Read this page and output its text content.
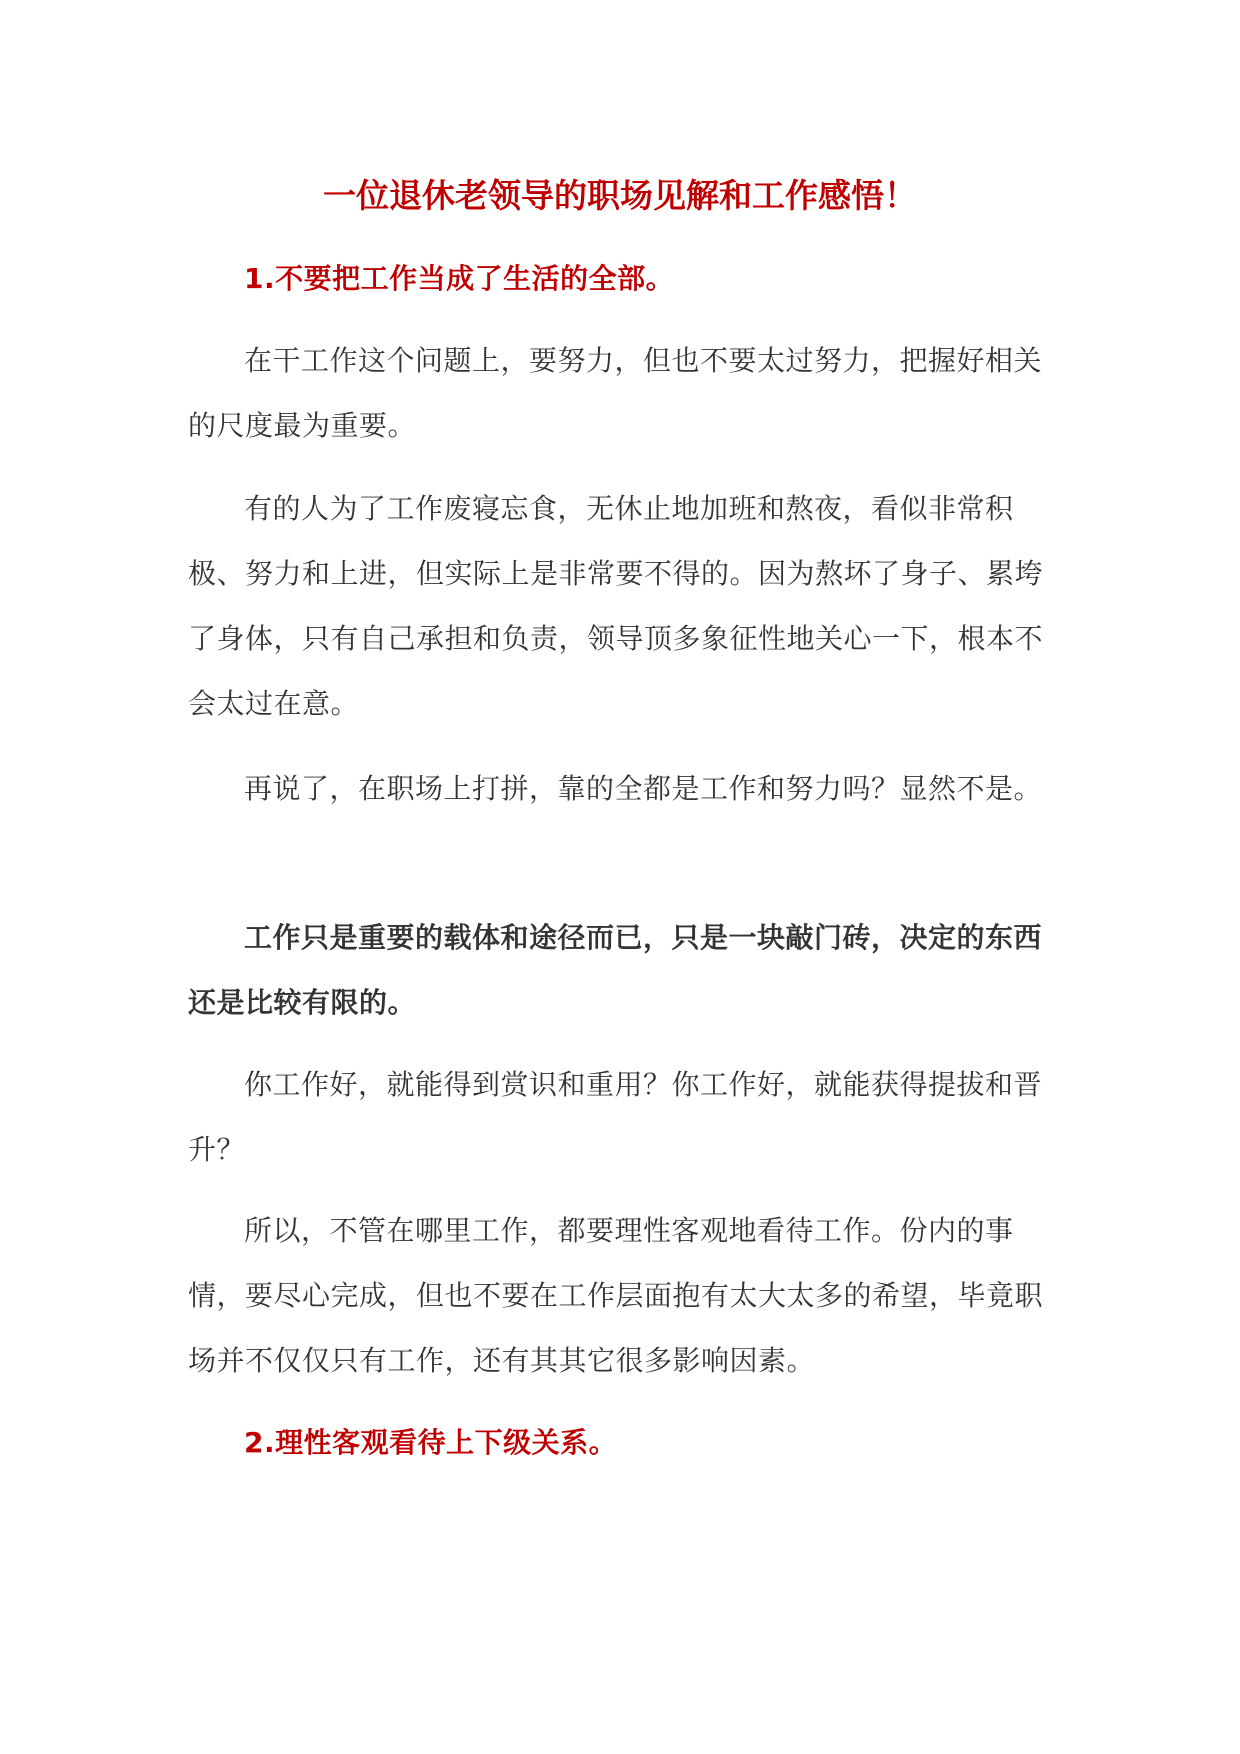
一位退休老领导的职场见解和工作感悟！

1.不要把工作当成了生活的全部。

在干工作这个问题上，要努力，但也不要太过努力，把握好相关的尺度最为重要。

有的人为了工作废寝忘食，无休止地加班和熬夜，看似非常积极、努力和上进，但实际上是非常要不得的。因为熬坏了身子、累垮了身体，只有自己承担和负责，领导顶多象征性地关心一下，根本不会太过在意。

再说了，在职场上打拼，靠的全都是工作和努力吗？显然不是。

工作只是重要的载体和途径而已，只是一块敲门砖，决定的东西还是比较有限的。

你工作好，就能得到赏识和重用？你工作好，就能获得提拔和晋升？

所以，不管在哪里工作，都要理性客观地看待工作。份内的事情，要尽心完成，但也不要在工作层面抱有太大太多的希望，毕竟职场并不仅仅只有工作，还有其其它很多影响因素。

2.理性客观看待上下级关系。
